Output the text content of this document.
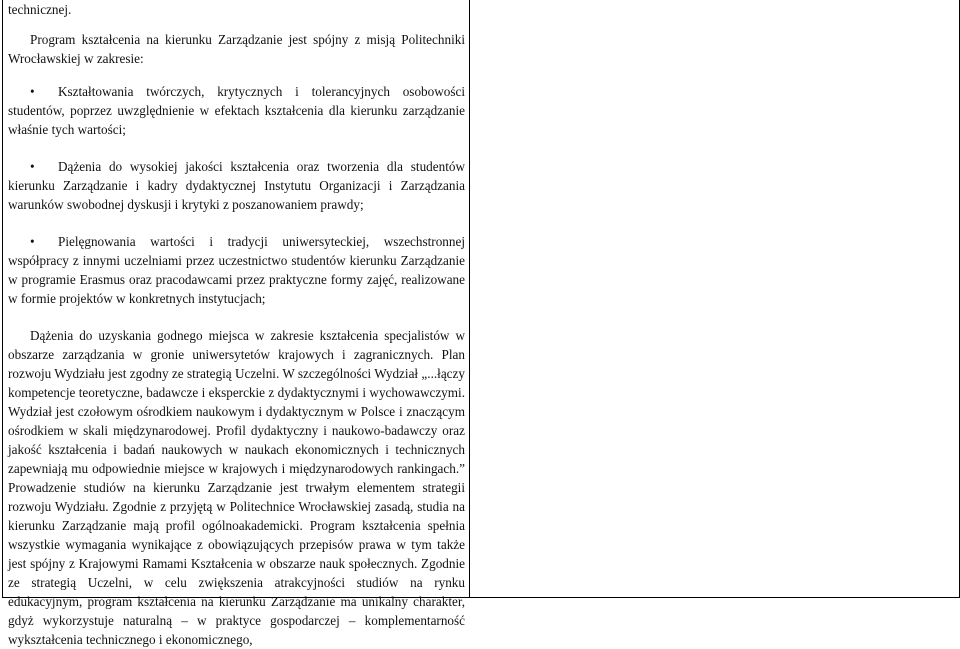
technicznej.

Program kształcenia na kierunku Zarządzanie jest spójny z misją Politechniki Wrocławskiej w zakresie:

• Kształtowania twórczych, krytycznych i tolerancyjnych osobowości studentów, poprzez uwzględnienie w efektach kształcenia dla kierunku zarządzanie właśnie tych wartości;

• Dążenia do wysokiej jakości kształcenia oraz tworzenia dla studentów kierunku Zarządzanie i kadry dydaktycznej Instytutu Organizacji i Zarządzania warunków swobodnej dyskusji i krytyki z poszanowaniem prawdy;

• Pielęgnowania wartości i tradycji uniwersyteckiej, wszechstronnej współpracy z innymi uczelniami przez uczestnictwo studentów kierunku Zarządzanie w programie Erasmus oraz pracodawcami przez praktyczne formy zajęć, realizowane w formie projektów w konkretnych instytucjach;

Dążenia do uzyskania godnego miejsca w zakresie kształcenia specjalistów w obszarze zarządzania w gronie uniwersytetów krajowych i zagranicznych. Plan rozwoju Wydziału jest zgodny ze strategią Uczelni. W szczególności Wydział „...łączy kompetencje teoretyczne, badawcze i eksperckie z dydaktycznymi i wychowawczymi. Wydział jest czołowym ośrodkiem naukowym i dydaktycznym w Polsce i znaczącym ośrodkiem w skali międzynarodowej. Profil dydaktyczny i naukowo-badawczy oraz jakość kształcenia i badań naukowych w naukach ekonomicznych i technicznych zapewniają mu odpowiednie miejsce w krajowych i międzynarodowych rankingach.” Prowadzenie studiów na kierunku Zarządzanie jest trwałym elementem strategii rozwoju Wydziału. Zgodnie z przyjętą w Politechnice Wrocławskiej zasadą, studia na kierunku Zarządzanie mają profil ogólnoakademicki. Program kształcenia spełnia wszystkie wymagania wynikające z obowiązujących przepisów prawa w tym także jest spójny z Krajowymi Ramami Kształcenia w obszarze nauk społecznych. Zgodnie ze strategią Uczelni, w celu zwiększenia atrakcyjności studiów na rynku edukacyjnym, program kształcenia na kierunku Zarządzanie ma unikalny charakter, gdyż wykorzystuje naturalną – w praktyce gospodarczej – komplementarność wykształcenia technicznego i ekonomicznego,
